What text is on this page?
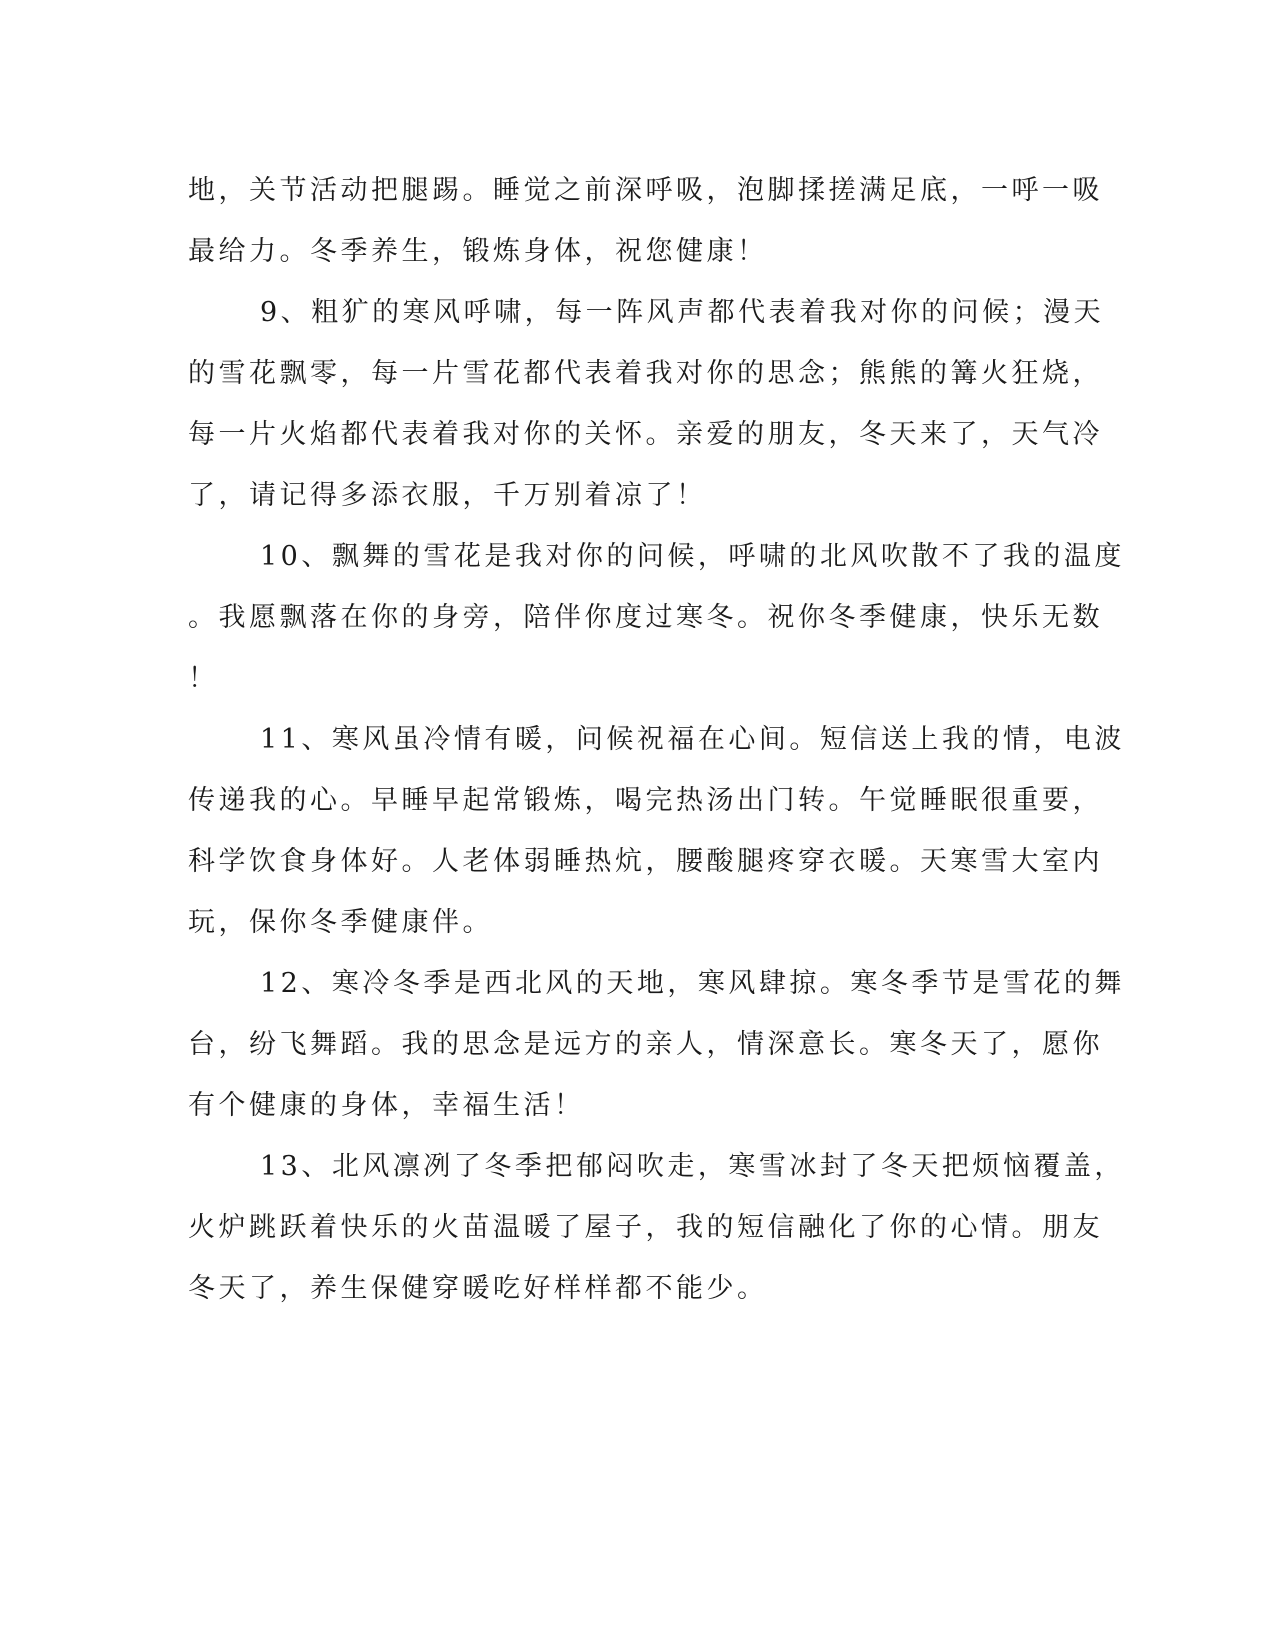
地，关节活动把腿踢。睡觉之前深呼吸，泡脚揉搓满足底，一呼一吸
最给力。冬季养生，锻炼身体，祝您健康！
9、粗犷的寒风呼啸，每一阵风声都代表着我对你的问候；漫天
的雪花飘零，每一片雪花都代表着我对你的思念；熊熊的篝火狂烧，
每一片火焰都代表着我对你的关怀。亲爱的朋友，冬天来了，天气冷
了，请记得多添衣服，千万别着凉了！
10、飘舞的雪花是我对你的问候，呼啸的北风吹散不了我的温度
。我愿飘落在你的身旁，陪伴你度过寒冬。祝你冬季健康，快乐无数
！
11、寒风虽冷情有暖，问候祝福在心间。短信送上我的情，电波
传递我的心。早睡早起常锻炼，喝完热汤出门转。午觉睡眠很重要，
科学饮食身体好。人老体弱睡热炕，腰酸腿疼穿衣暖。天寒雪大室内
玩，保你冬季健康伴。
12、寒冷冬季是西北风的天地，寒风肆掠。寒冬季节是雪花的舞
台，纷飞舞蹈。我的思念是远方的亲人，情深意长。寒冬天了，愿你
有个健康的身体，幸福生活！
13、北风凛冽了冬季把郁闷吹走，寒雪冰封了冬天把烦恼覆盖，
火炉跳跃着快乐的火苗温暖了屋子，我的短信融化了你的心情。朋友
冬天了，养生保健穿暖吃好样样都不能少。
